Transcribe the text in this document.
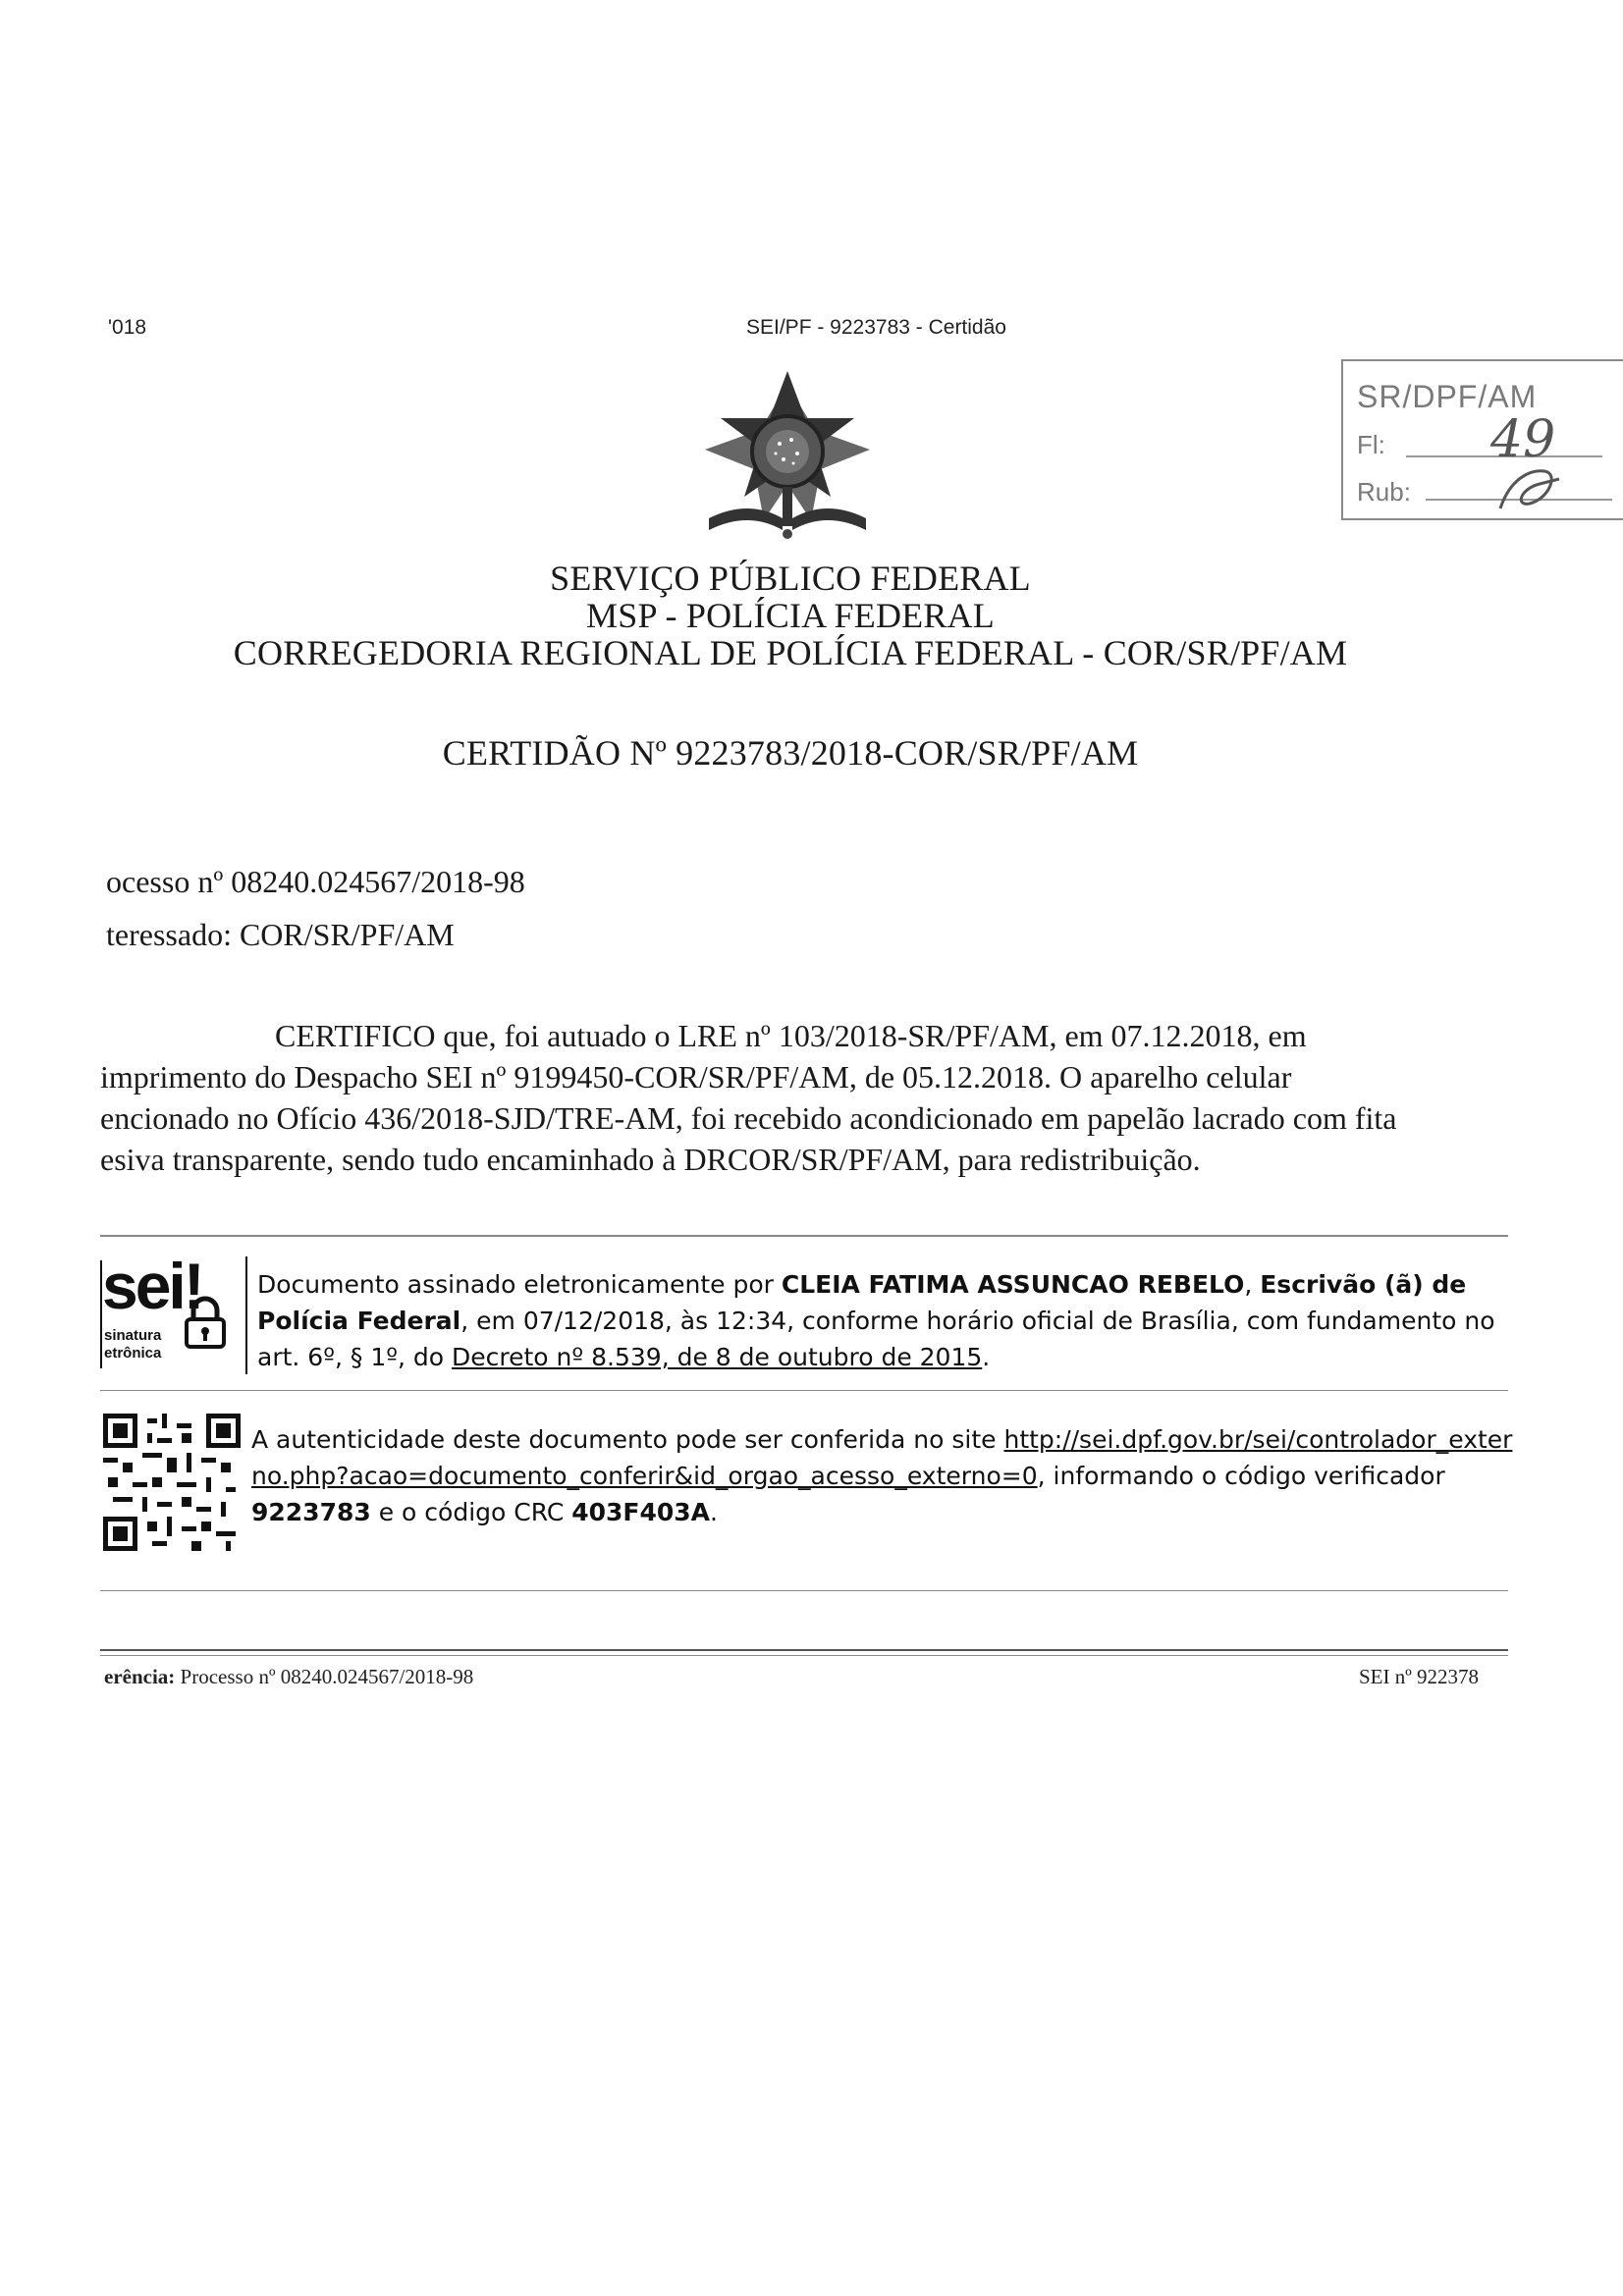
'018	SEI/PF - 9223783 - Certidão
SR/DPF/AM
Fl: 49
Rub:
SERVIÇO PÚBLICO FEDERAL
MSP - POLÍCIA FEDERAL
CORREGEDORIA REGIONAL DE POLÍCIA FEDERAL - COR/SR/PF/AM
CERTIDÃO Nº 9223783/2018-COR/SR/PF/AM
ocesso nº 08240.024567/2018-98
teressado: COR/SR/PF/AM
CERTIFICO que, foi autuado o LRE nº 103/2018-SR/PF/AM, em 07.12.2018, em
imprimento do Despacho SEI nº 9199450-COR/SR/PF/AM, de 05.12.2018. O aparelho celular
encionado no Ofício 436/2018-SJD/TRE-AM, foi recebido acondicionado em papelão lacrado com fita
esiva transparente, sendo tudo encaminhado à DRCOR/SR/PF/AM, para redistribuição.
sei!
sinatura
etrônica
Documento assinado eletronicamente por CLEIA FATIMA ASSUNCAO REBELO, Escrivão (ã) de Polícia Federal, em 07/12/2018, às 12:34, conforme horário oficial de Brasília, com fundamento no art. 6º, § 1º, do Decreto nº 8.539, de 8 de outubro de 2015.
A autenticidade deste documento pode ser conferida no site http://sei.dpf.gov.br/sei/controlador_externo.php?acao=documento_conferir&id_orgao_acesso_externo=0, informando o código verificador 9223783 e o código CRC 403F403A.
erência: Processo nº 08240.024567/2018-98	SEI nº 922378
